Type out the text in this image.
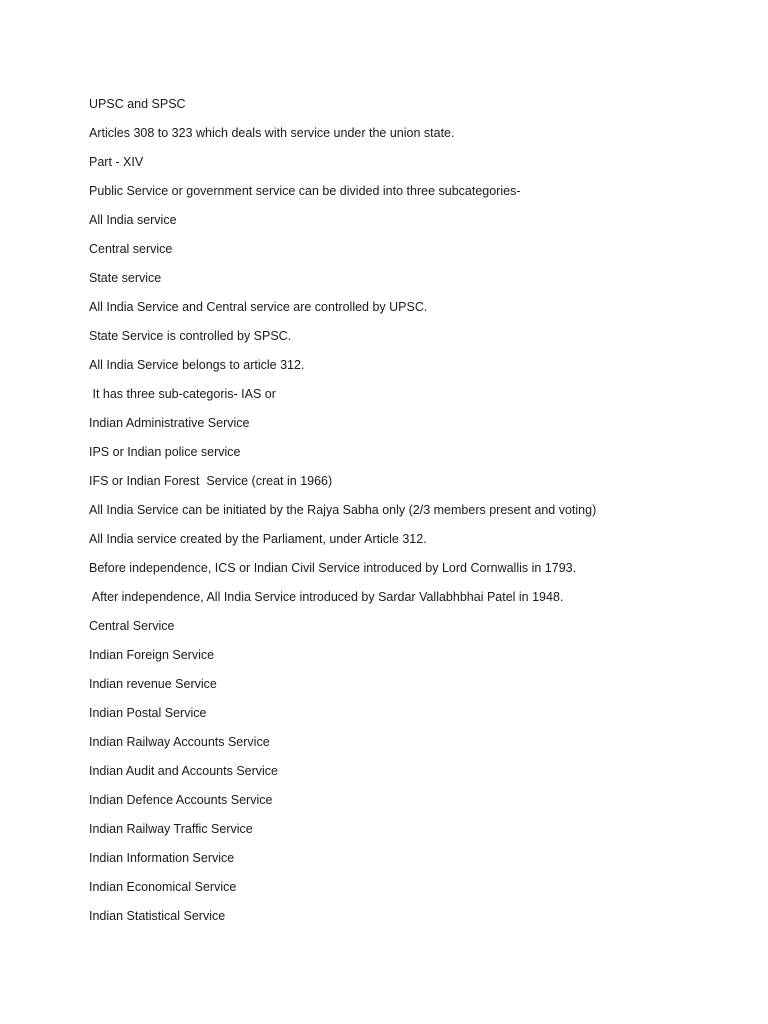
UPSC and SPSC
Articles 308 to 323 which deals with service under the union state.
Part - XIV
Public Service or government service can be divided into three subcategories-
All India service
Central service
State service
All India Service and Central service are controlled by UPSC.
State Service is controlled by SPSC.
All India Service belongs to article 312.
It has three sub-categoris- IAS or
Indian Administrative Service
IPS or Indian police service
IFS or Indian Forest  Service (creat in 1966)
All India Service can be initiated by the Rajya Sabha only (2/3 members present and voting)
All India service created by the Parliament, under Article 312.
Before independence, ICS or Indian Civil Service introduced by Lord Cornwallis in 1793.
After independence, All India Service introduced by Sardar Vallabhbhai Patel in 1948.
Central Service
Indian Foreign Service
Indian revenue Service
Indian Postal Service
Indian Railway Accounts Service
Indian Audit and Accounts Service
Indian Defence Accounts Service
Indian Railway Traffic Service
Indian Information Service
Indian Economical Service
Indian Statistical Service
